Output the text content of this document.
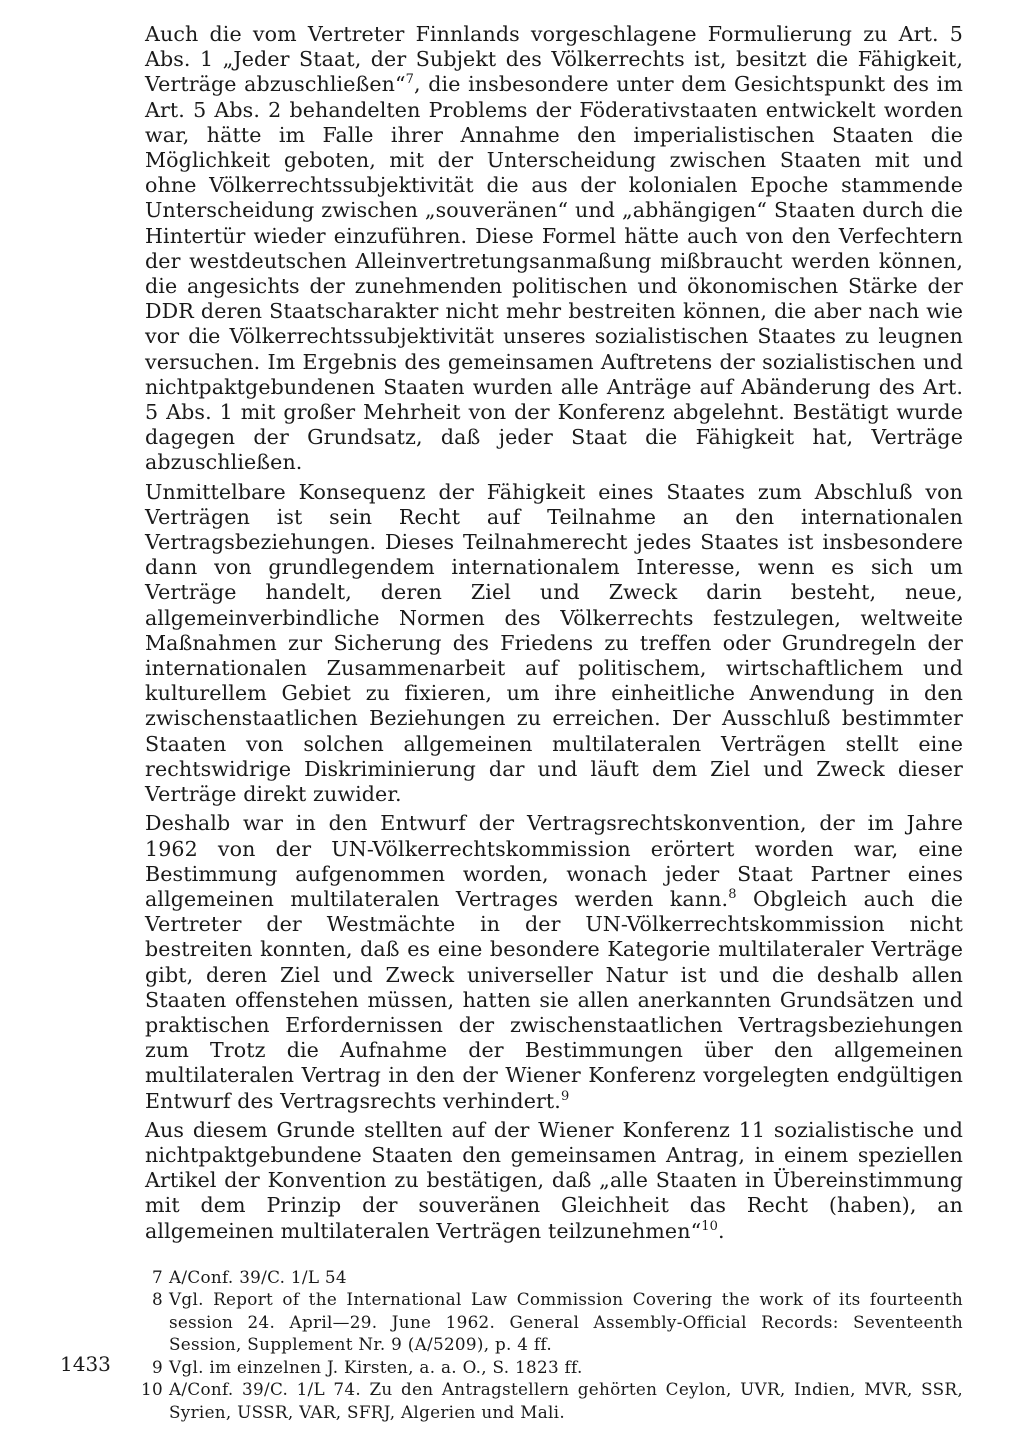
Auch die vom Vertreter Finnlands vorgeschlagene Formulierung zu Art. 5 Abs. 1 „Jeder Staat, der Subjekt des Völkerrechts ist, besitzt die Fähigkeit, Verträge abzuschließen“$^7$, die insbesondere unter dem Gesichtspunkt des im Art. 5 Abs. 2 behandelten Problems der Föderativstaaten entwickelt worden war, hätte im Falle ihrer Annahme den imperialistischen Staaten die Möglichkeit geboten, mit der Unterscheidung zwischen Staaten mit und ohne Völkerrechtssubjektivität die aus der kolonialen Epoche stammende Unterscheidung zwischen „souveränen“ und „abhängigen“ Staaten durch die Hintertür wieder einzuführen. Diese Formel hätte auch von den Verfechtern der westdeutschen Alleinvertretungsanmaßung mißbraucht werden können, die angesichts der zunehmenden politischen und ökonomischen Stärke der DDR deren Staatscharakter nicht mehr bestreiten können, die aber nach wie vor die Völkerrechtssubjektivität unseres sozialistischen Staates zu leugnen versuchen. Im Ergebnis des gemeinsamen Auftretens der sozialistischen und nichtpaktgebundenen Staaten wurden alle Anträge auf Abänderung des Art. 5 Abs. 1 mit großer Mehrheit von der Konferenz abgelehnt. Bestätigt wurde dagegen der Grundsatz, daß jeder Staat die Fähigkeit hat, Verträge abzuschließen.

Unmittelbare Konsequenz der Fähigkeit eines Staates zum Abschluß von Verträgen ist sein Recht auf Teilnahme an den internationalen Vertragsbeziehungen. Dieses Teilnahmerecht jedes Staates ist insbesondere dann von grundlegendem internationalem Interesse, wenn es sich um Verträge handelt, deren Ziel und Zweck darin besteht, neue, allgemeinverbindliche Normen des Völkerrechts festzulegen, weltweite Maßnahmen zur Sicherung des Friedens zu treffen oder Grundregeln der internationalen Zusammenarbeit auf politischem, wirtschaftlichem und kulturellem Gebiet zu fixieren, um ihre einheitliche Anwendung in den zwischenstaatlichen Beziehungen zu erreichen. Der Ausschluß bestimmter Staaten von solchen allgemeinen multilateralen Verträgen stellt eine rechtswidrige Diskriminierung dar und läuft dem Ziel und Zweck dieser Verträge direkt zuwider.

Deshalb war in den Entwurf der Vertragsrechtskonvention, der im Jahre 1962 von der UN-Völkerrechtskommission erörtert worden war, eine Bestimmung aufgenommen worden, wonach jeder Staat Partner eines allgemeinen multilateralen Vertrages werden kann.$^8$ Obgleich auch die Vertreter der Westmächte in der UN-Völkerrechtskommission nicht bestreiten konnten, daß es eine besondere Kategorie multilateraler Verträge gibt, deren Ziel und Zweck universeller Natur ist und die deshalb allen Staaten offenstehen müssen, hatten sie allen anerkannten Grundsätzen und praktischen Erfordernissen der zwischenstaatlichen Vertragsbeziehungen zum Trotz die Aufnahme der Bestimmungen über den allgemeinen multilateralen Vertrag in den der Wiener Konferenz vorgelegten endgültigen Entwurf des Vertragsrechts verhindert.$^9$

Aus diesem Grunde stellten auf der Wiener Konferenz 11 sozialistische und nichtpaktgebundene Staaten den gemeinsamen Antrag, in einem speziellen Artikel der Konvention zu bestätigen, daß „alle Staaten in Übereinstimmung mit dem Prinzip der souveränen Gleichheit das Recht (haben), an allgemeinen multilateralen Verträgen teilzunehmen“$^{10}$.

7 A/Conf. 39/C. 1/L 54
8 Vgl. Report of the International Law Commission Covering the work of its fourteenth session 24. April—29. June 1962. General Assembly-Official Records: Seventeenth Session, Supplement Nr. 9 (A/5209), p. 4 ff.
9 Vgl. im einzelnen J. Kirsten, a. a. O., S. 1823 ff.
10 A/Conf. 39/C. 1/L 74. Zu den Antragstellern gehörten Ceylon, UVR, Indien, MVR, SSR, Syrien, USSR, VAR, SFRJ, Algerien und Mali.
1433
